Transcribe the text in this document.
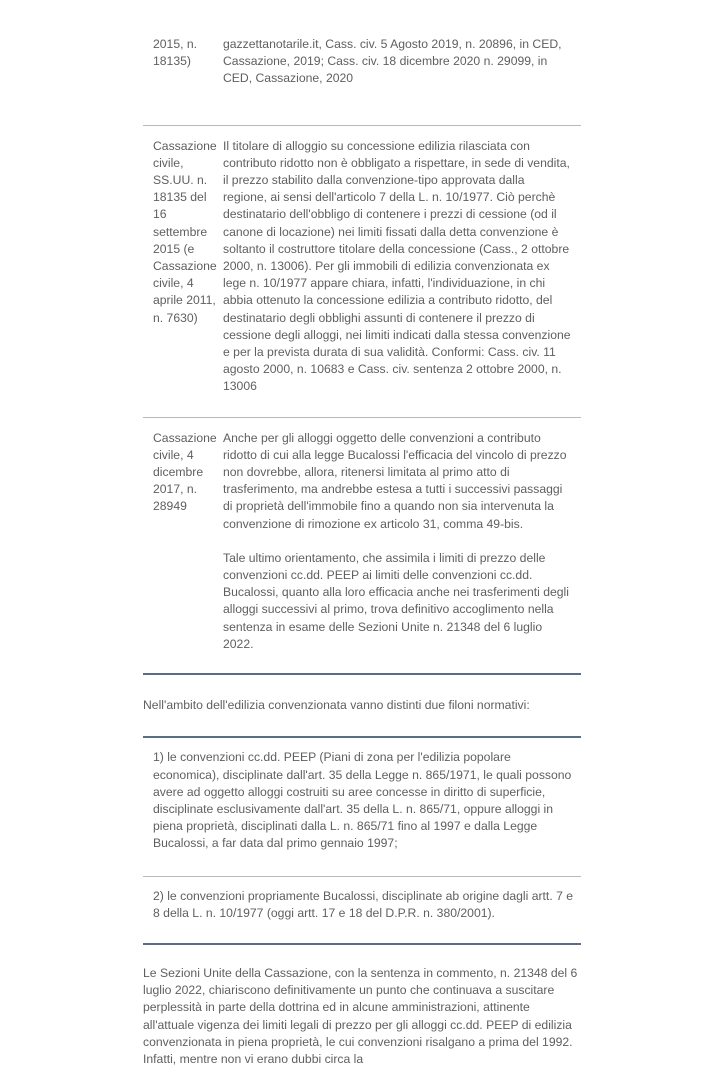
2015, n. 18135)

gazzettanotarile.it, Cass. civ. 5 Agosto 2019, n. 20896, in CED, Cassazione, 2019; Cass. civ. 18 dicembre 2020 n. 29099, in CED, Cassazione, 2020

Cassazione civile, SS.UU. n. 18135 del 16 settembre 2015 (e Cassazione civile, 4 aprile 2011, n. 7630)

Il titolare di alloggio su concessione edilizia rilasciata con contributo ridotto non è obbligato a rispettare, in sede di vendita, il prezzo stabilito dalla convenzione-tipo approvata dalla regione, ai sensi dell'articolo 7 della L. n. 10/1977. Ciò perchè destinatario dell'obbligo di contenere i prezzi di cessione (od il canone di locazione) nei limiti fissati dalla detta convenzione è soltanto il costruttore titolare della concessione (Cass., 2 ottobre 2000, n. 13006). Per gli immobili di edilizia convenzionata ex lege n. 10/1977 appare chiara, infatti, l'individuazione, in chi abbia ottenuto la concessione edilizia a contributo ridotto, del destinatario degli obblighi assunti di contenere il prezzo di cessione degli alloggi, nei limiti indicati dalla stessa convenzione e per la prevista durata di sua validità. Conformi: Cass. civ. 11 agosto 2000, n. 10683 e Cass. civ. sentenza 2 ottobre 2000, n. 13006

Cassazione civile, 4 dicembre 2017, n. 28949

Anche per gli alloggi oggetto delle convenzioni a contributo ridotto di cui alla legge Bucalossi l'efficacia del vincolo di prezzo non dovrebbe, allora, ritenersi limitata al primo atto di trasferimento, ma andrebbe estesa a tutti i successivi passaggi di proprietà dell'immobile fino a quando non sia intervenuta la convenzione di rimozione ex articolo 31, comma 49-bis.

Tale ultimo orientamento, che assimila i limiti di prezzo delle convenzioni cc.dd. PEEP ai limiti delle convenzioni cc.dd. Bucalossi, quanto alla loro efficacia anche nei trasferimenti degli alloggi successivi al primo, trova definitivo accoglimento nella sentenza in esame delle Sezioni Unite n. 21348 del 6 luglio 2022.

Nell'ambito dell'edilizia convenzionata vanno distinti due filoni normativi:

1) le convenzioni cc.dd. PEEP (Piani di zona per l'edilizia popolare economica), disciplinate dall'art. 35 della Legge n. 865/1971, le quali possono avere ad oggetto alloggi costruiti su aree concesse in diritto di superficie, disciplinate esclusivamente dall'art. 35 della L. n. 865/71, oppure alloggi in piena proprietà, disciplinati dalla L. n. 865/71 fino al 1997 e dalla Legge Bucalossi, a far data dal primo gennaio 1997;

2) le convenzioni propriamente Bucalossi, disciplinate ab origine dagli artt. 7 e 8 della L. n. 10/1977 (oggi artt. 17 e 18 del D.P.R. n. 380/2001).

Le Sezioni Unite della Cassazione, con la sentenza in commento, n. 21348 del 6 luglio 2022, chiariscono definitivamente un punto che continuava a suscitare perplessità in parte della dottrina ed in alcune amministrazioni, attinente all'attuale vigenza dei limiti legali di prezzo per gli alloggi cc.dd. PEEP di edilizia convenzionata in piena proprietà, le cui convenzioni risalgano a prima del 1992. Infatti, mentre non vi erano dubbi circa la
